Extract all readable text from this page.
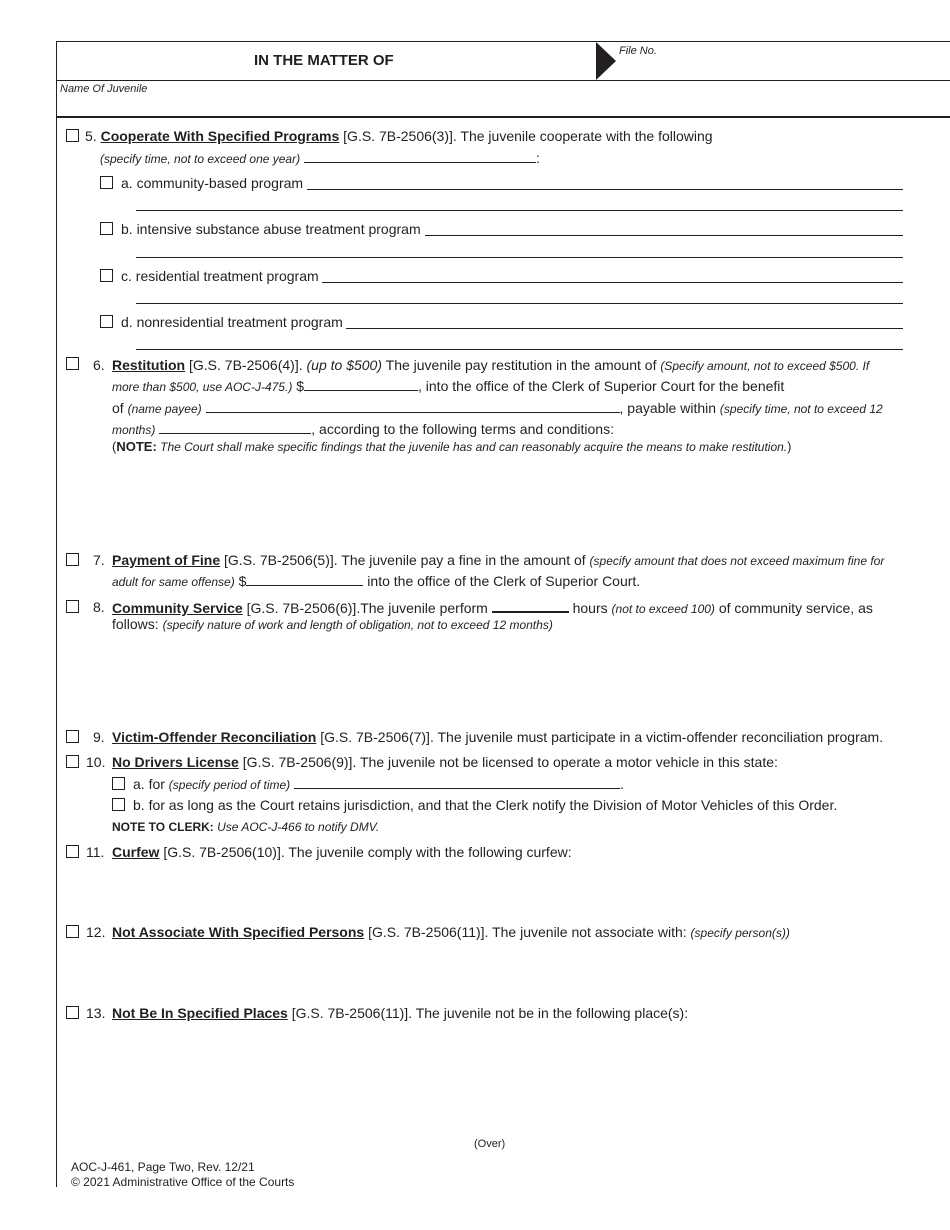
IN THE MATTER OF
File No.
Name Of Juvenile
5. Cooperate With Specified Programs [G.S. 7B-2506(3)]. The juvenile cooperate with the following
(specify time, not to exceed one year)	:
a. community-based program
b. intensive substance abuse treatment program
c. residential treatment program
d. nonresidential treatment program
6. Restitution [G.S. 7B-2506(4)]. (up to $500) The juvenile pay restitution in the amount of (Specify amount, not to exceed $500. If
more than $500, use AOC-J-475.) $	, into the office of the Clerk of Superior Court for the benefit
of (name payee)	, payable within (specify time, not to exceed 12
months)	, according to the following terms and conditions:
(NOTE: The Court shall make specific findings that the juvenile has and can reasonably acquire the means to make restitution.)
7. Payment of Fine [G.S. 7B-2506(5)]. The juvenile pay a fine in the amount of (specify amount that does not exceed maximum fine for
adult for same offense) $	into the office of the Clerk of Superior Court.
8. Community Service [G.S. 7B-2506(6)].The juvenile perform	hours (not to exceed 100) of community service, as
follows: (specify nature of work and length of obligation, not to exceed 12 months)
9. Victim-Offender Reconciliation [G.S. 7B-2506(7)]. The juvenile must participate in a victim-offender reconciliation program.
10. No Drivers License [G.S. 7B-2506(9)]. The juvenile not be licensed to operate a motor vehicle in this state:
a. for (specify period of time)	.
b. for as long as the Court retains jurisdiction, and that the Clerk notify the Division of Motor Vehicles of this Order.
NOTE TO CLERK: Use AOC-J-466 to notify DMV.
11. Curfew [G.S. 7B-2506(10)]. The juvenile comply with the following curfew:
12. Not Associate With Specified Persons [G.S. 7B-2506(11)]. The juvenile not associate with: (specify person(s))
13. Not Be In Specified Places [G.S. 7B-2506(11)]. The juvenile not be in the following place(s):
(Over)
AOC-J-461, Page Two, Rev. 12/21
© 2021 Administrative Office of the Courts
